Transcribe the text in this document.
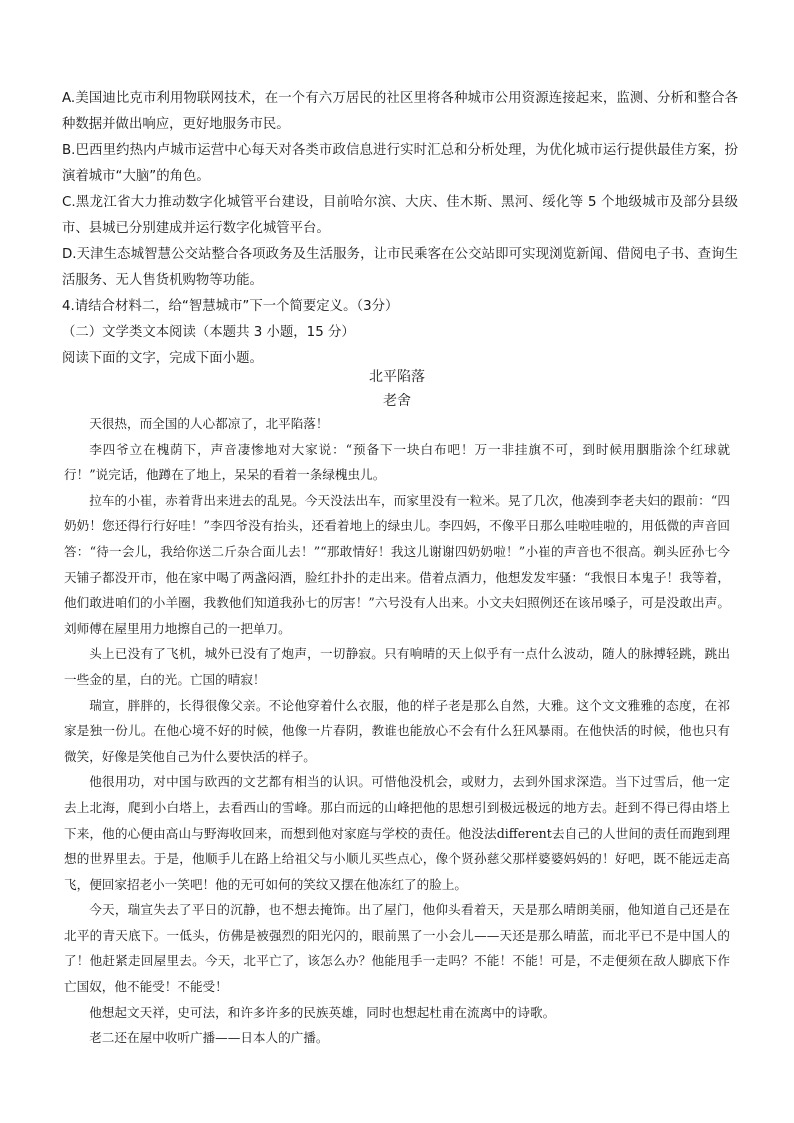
A.美国迪比克市利用物联网技术，在一个有六万居民的社区里将各种城市公用资源连接起来，监测、分析和整合各种数据并做出响应，更好地服务市民。

B.巴西里约热内卢城市运营中心每天对各类市政信息进行实时汇总和分析处理，为优化城市运行提供最佳方案，扮演着城市“大脑”的角色。

C.黑龙江省大力推动数字化城管平台建设，目前哈尔滨、大庆、佳木斯、黑河、绥化等 5 个地级城市及部分县级市、县城已分别建成并运行数字化城管平台。

D.天津生态城智慧公交站整合各项政务及生活服务，让市民乘客在公交站即可实现浏览新闻、借阅电子书、查询生活服务、无人售货机购物等功能。

4.请结合材料二，给“智慧城市”下一个简要定义。（3分）

（二）文学类文本阅读（本题共 3 小题，15 分）

阅读下面的文字，完成下面小题。

北平陷落
老舍

天很热，而全国的人心都凉了，北平陷落！

李四爷立在槐荫下，声音凄惨地对大家说：“预备下一块白布吧！万一非挂旗不可，到时候用胭脂涂个红球就行！”说完话，他蹲在了地上，呆呆的看着一条绿槐虫儿。

拉车的小崔，赤着背出来进去的乱晃。今天没法出车，而家里没有一粒米。晃了几次，他凑到李老夫妇的跟前：“四奶奶！您还得行行好哇！”李四爷没有抬头，还看着地上的绿虫儿。李四妈，不像平日那么哇啦哇啦的，用低微的声音回答：“待一会儿，我给你送二斤杂合面儿去！”“那敢情好！我这儿谢谢四奶奶啦！”小崔的声音也不很高。剃头匠孙七今天铺子都没开市，他在家中喝了两盏闷酒，脸红扑扑的走出来。借着点酒力，他想发发牢骚：“我恨日本鬼子！我等着，他们敢进咱们的小羊圈，我教他们知道我孙七的厉害！”六号没有人出来。小文夫妇照例还在该吊嗓子，可是没敢出声。刘师傅在屋里用力地擦自己的一把单刀。

头上已没有了飞机，城外已没有了炮声，一切静寂。只有响晴的天上似乎有一点什么波动，随人的脉搏轻跳，跳出一些金的星，白的光。亡国的晴寂！

瑞宣，胖胖的，长得很像父亲。不论他穿着什么衣服，他的样子老是那么自然，大雅。这个文文雅雅的态度，在祁家是独一份儿。在他心境不好的时候，他像一片春阴，教谁也能放心不会有什么狂风暴雨。在他快活的时候，他也只有微笑，好像是笑他自己为什么要快活的样子。

他很用功，对中国与欧西的文艺都有相当的认识。可惜他没机会，或财力，去到外国求深造。当下过雪后，他一定去上北海，爬到小白塔上，去看西山的雪峰。那白而远的山峰把他的思想引到极远极远的地方去。赶到不得已得由塔上下来，他的心便由高山与野海收回来，而想到他对家庭与学校的责任。他没法different去自己的人世间的责任而跑到理想的世界里去。于是，他顺手儿在路上给祖父与小顺儿买些点心，像个贤孙慈父那样婆婆妈妈的！好吧，既不能远走高飞，便回家招老小一笑吧！他的无可如何的笑纹又摆在他冻红了的脸上。

今天，瑞宣失去了平日的沉静，也不想去掩饰。出了屋门，他仰头看着天，天是那么晴朗美丽，他知道自己还是在北平的青天底下。一低头，仿佛是被强烈的阳光闪的，眼前黑了一小会儿——天还是那么晴蓝，而北平已不是中国人的了！他赶紧走回屋里去。今天，北平亡了，该怎么办？他能甩手一走吗？不能！不能！可是，不走便须在敌人脚底下作亡国奴，他不能受！不能受！

他想起文天祥，史可法，和许多许多的民族英雄，同时也想起杜甫在流离中的诗歌。

老二还在屋中收听广播——日本人的广播。
